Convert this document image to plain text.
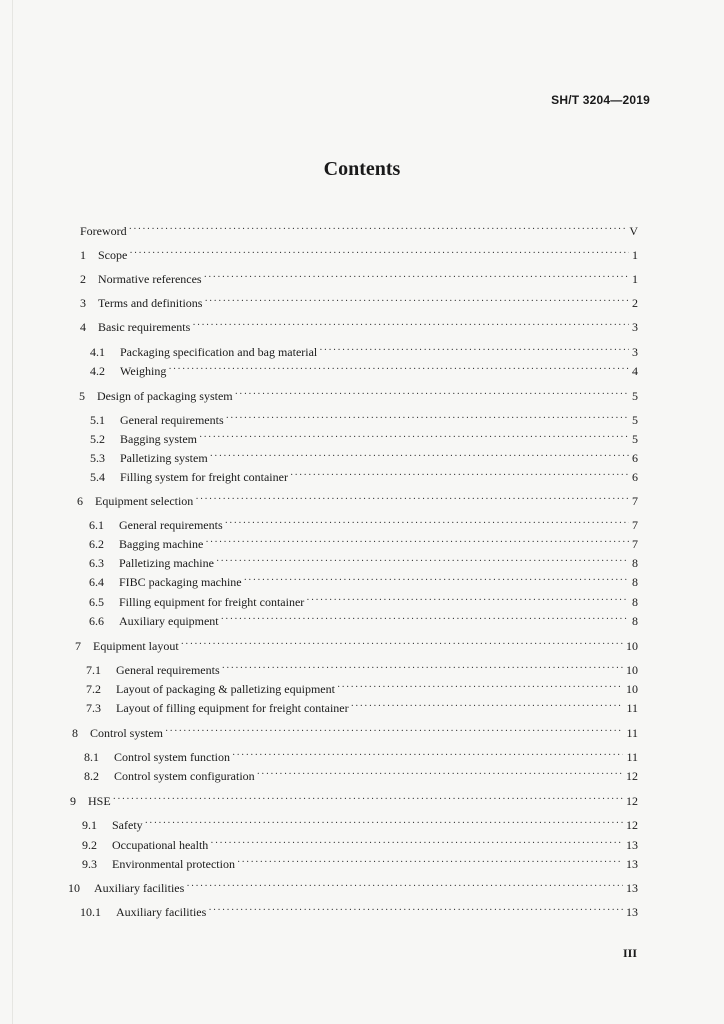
SH/T 3204—2019
Contents
Foreword ·····	V
1	Scope ·····	1
2	Normative references ·····	1
3	Terms and definitions ·····	2
4	Basic requirements ·····	3
4.1	Packaging specification and bag material ·····	3
4.2	Weighing ·····	4
5	Design of packaging system ·····	5
5.1	General requirements ·····	5
5.2	Bagging system ·····	5
5.3	Palletizing system ·····	6
5.4	Filling system for freight container ·····	6
6	Equipment selection ·····	7
6.1	General requirements ·····	7
6.2	Bagging machine ·····	7
6.3	Palletizing machine ·····	8
6.4	FIBC packaging machine ·····	8
6.5	Filling equipment for freight container ·····	8
6.6	Auxiliary equipment ·····	8
7	Equipment layout ·····	10
7.1	General requirements ·····	10
7.2	Layout of packaging & palletizing equipment ·····	10
7.3	Layout of filling equipment for freight container ·····	11
8	Control system ·····	11
8.1	Control system function ·····	11
8.2	Control system configuration ·····	12
9	HSE ·····	12
9.1	Safety ·····	12
9.2	Occupational health ·····	13
9.3	Environmental protection ·····	13
10	Auxiliary facilities ·····	13
10.1	Auxiliary facilities ·····	13
III
